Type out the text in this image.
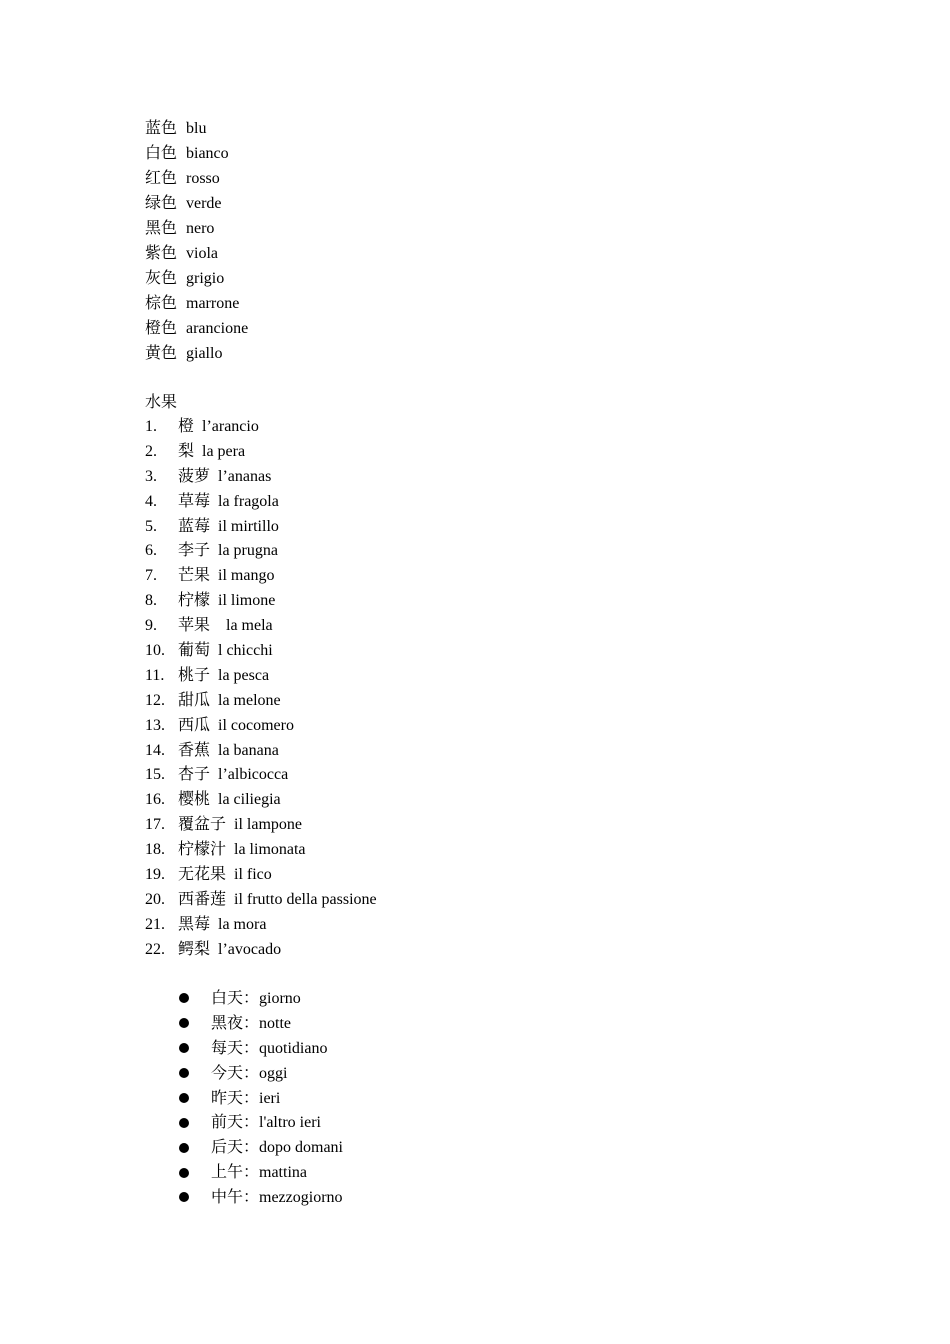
蓝色 blu
白色 bianco
红色 rosso
绿色 verde
黑色 nero
紫色 viola
灰色 grigio
棕色 marrone
橙色 arancione
黄色 giallo
水果
1. 橙  l’arancio
2. 梨  la pera
3. 菠萝  l’ananas
4. 草莓  la fragola
5. 蓝莓  il mirtillo
6. 李子  la prugna
7. 芒果  il mango
8. 柠檬  il limone
9. 苹果    la mela
10. 葡萄  l chicchi
11. 桃子  la pesca
12. 甜瓜  la melone
13. 西瓜  il cocomero
14. 香蕉  la banana
15. 杏子  l’albicocca
16. 樱桃  la ciliegia
17. 覆盆子  il lampone
18. 柠檬汁  la limonata
19. 无花果  il fico
20. 西番莲  il frutto della passione
21. 黑莓  la mora
22. 鳄梨  l’avocado
白天：giorno
黑夜：notte
每天：quotidiano
今天：oggi
昨天：ieri
前天：l'altro ieri
后天：dopo domani
上午：mattina
中午：mezzogiorno
